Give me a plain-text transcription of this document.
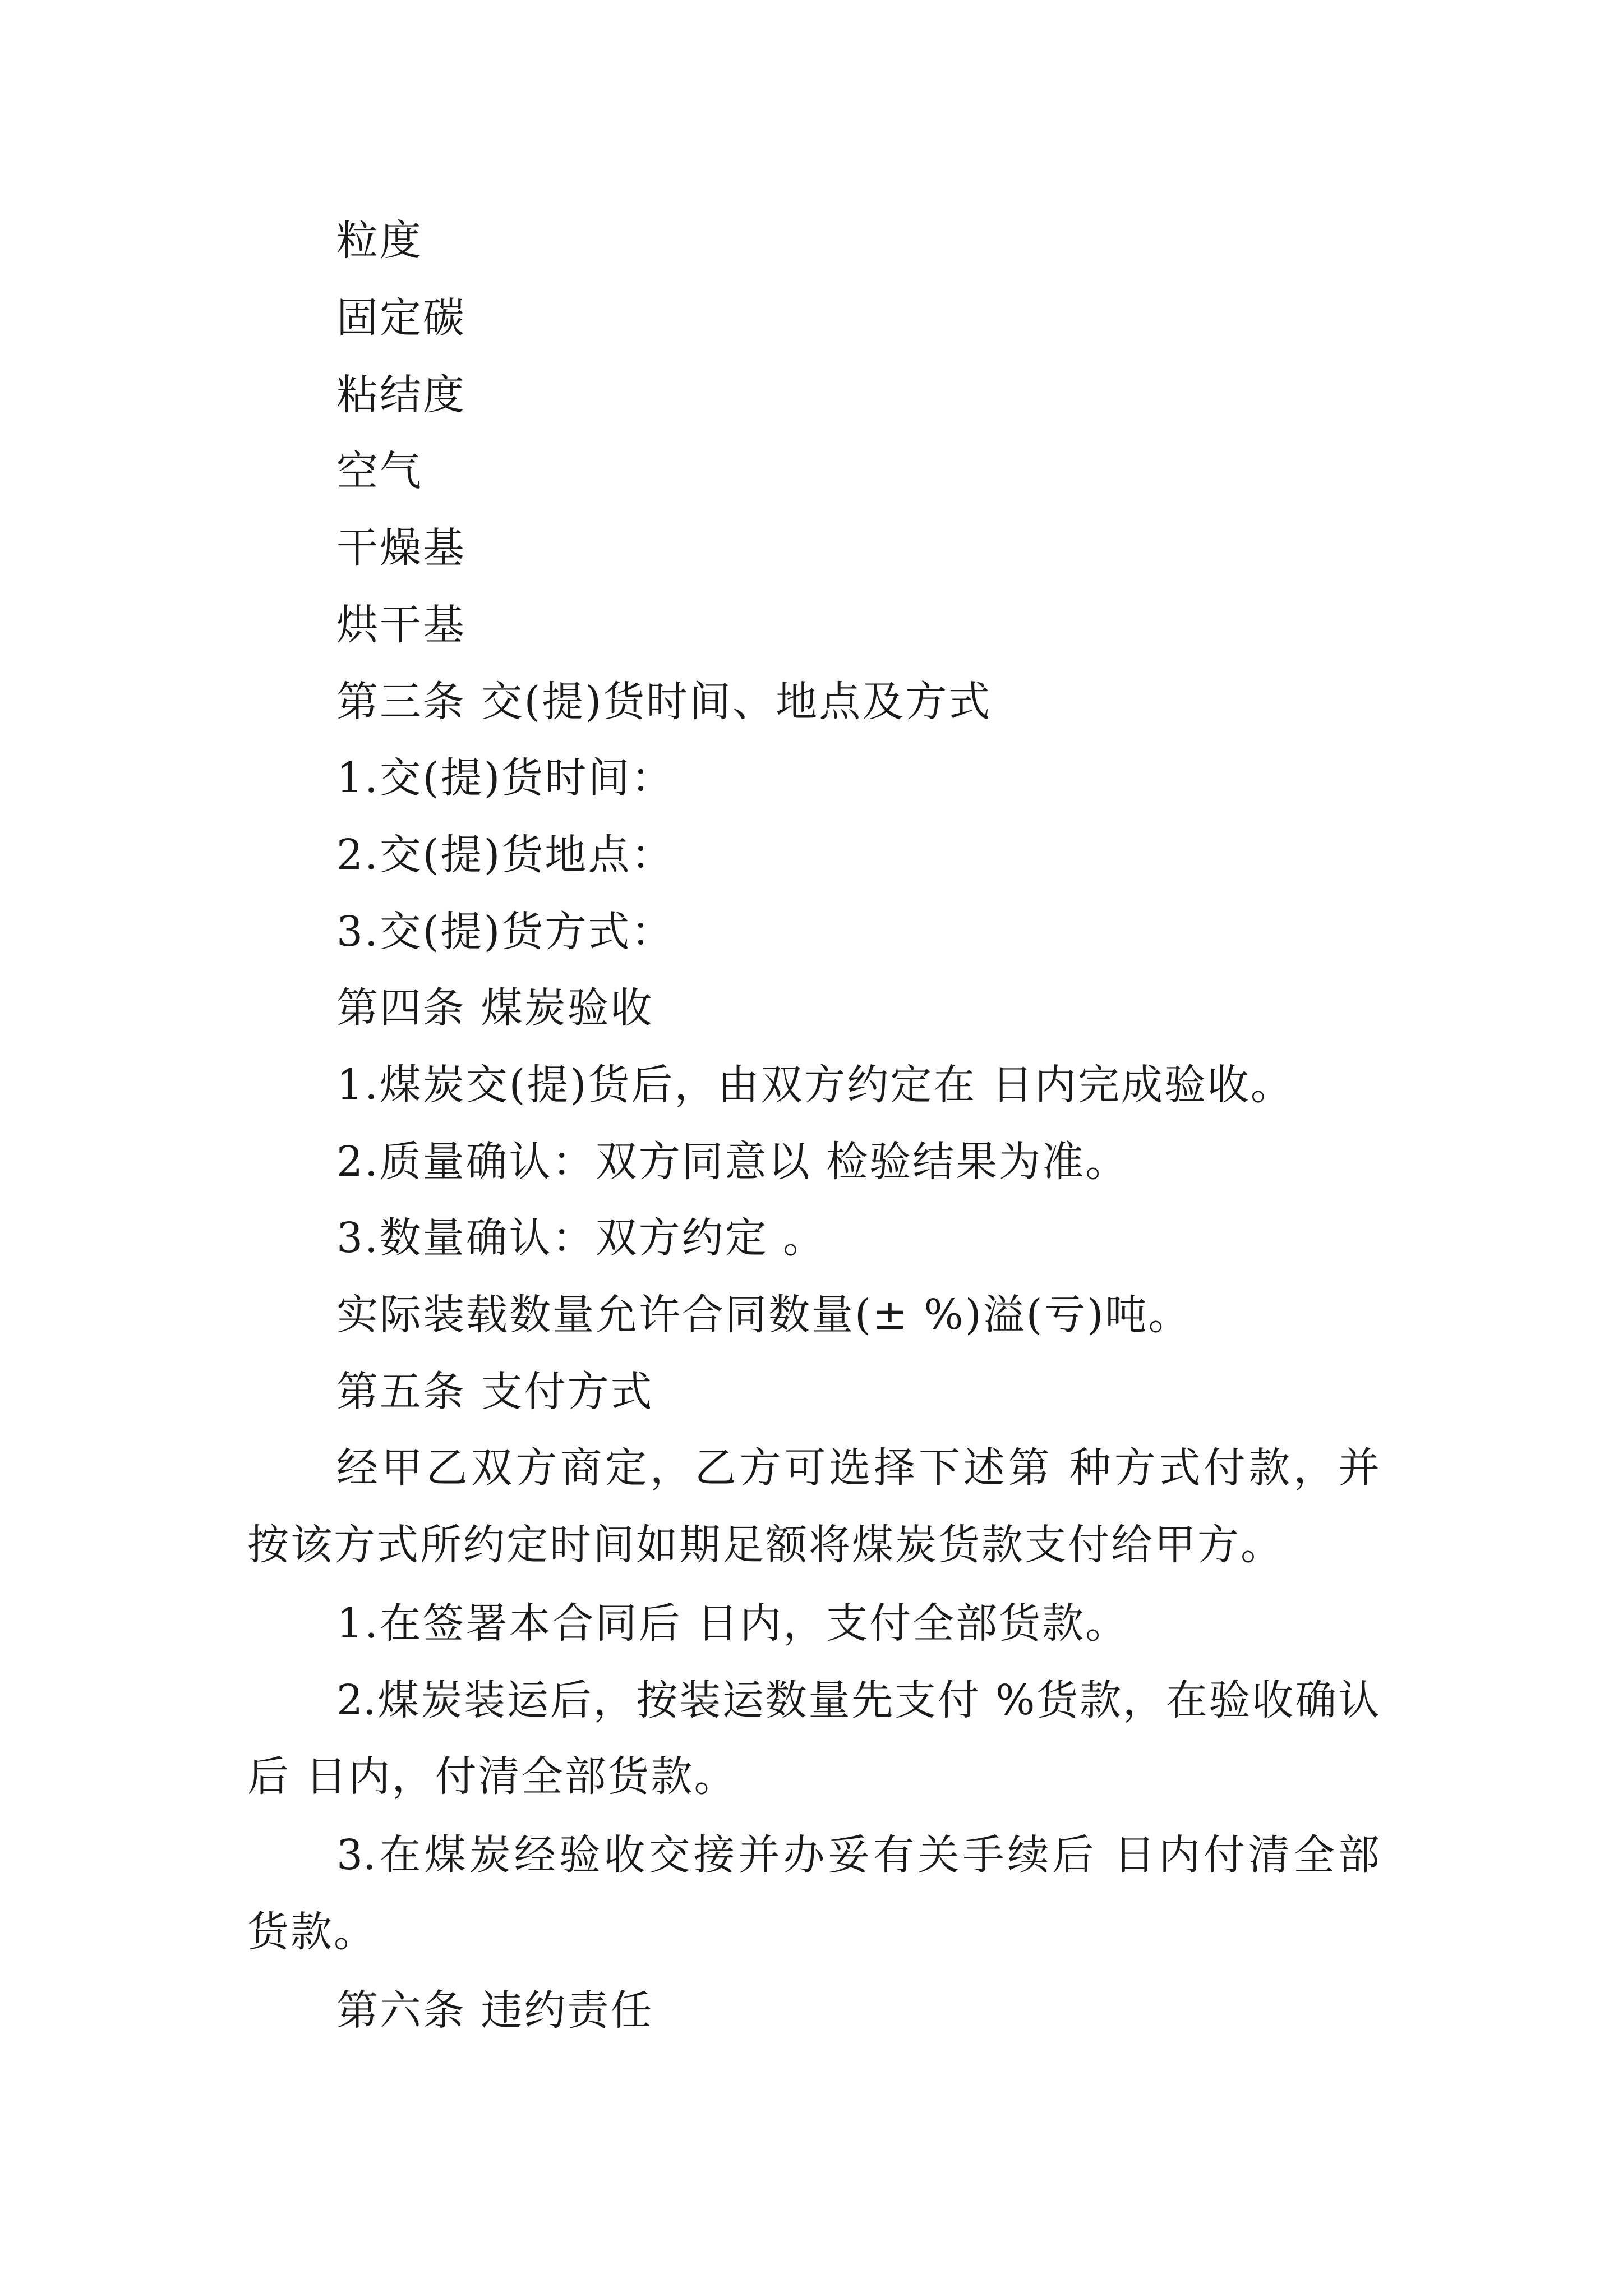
粒度
固定碳
粘结度
空气
干燥基
烘干基
第三条 交(提)货时间、地点及方式
1.交(提)货时间：
2.交(提)货地点：
3.交(提)货方式：
第四条 煤炭验收
1.煤炭交(提)货后，由双方约定在 日内完成验收。
2.质量确认：双方同意以 检验结果为准。
3.数量确认：双方约定 。
实际装载数量允许合同数量(± %)溢(亏)吨。
第五条 支付方式
经甲乙双方商定，乙方可选择下述第 种方式付款，并
按该方式所约定时间如期足额将煤炭货款支付给甲方。
1.在签署本合同后 日内，支付全部货款。
2.煤炭装运后，按装运数量先支付 %货款，在验收确认
后 日内，付清全部货款。
3.在煤炭经验收交接并办妥有关手续后 日内付清全部
货款。
第六条 违约责任
